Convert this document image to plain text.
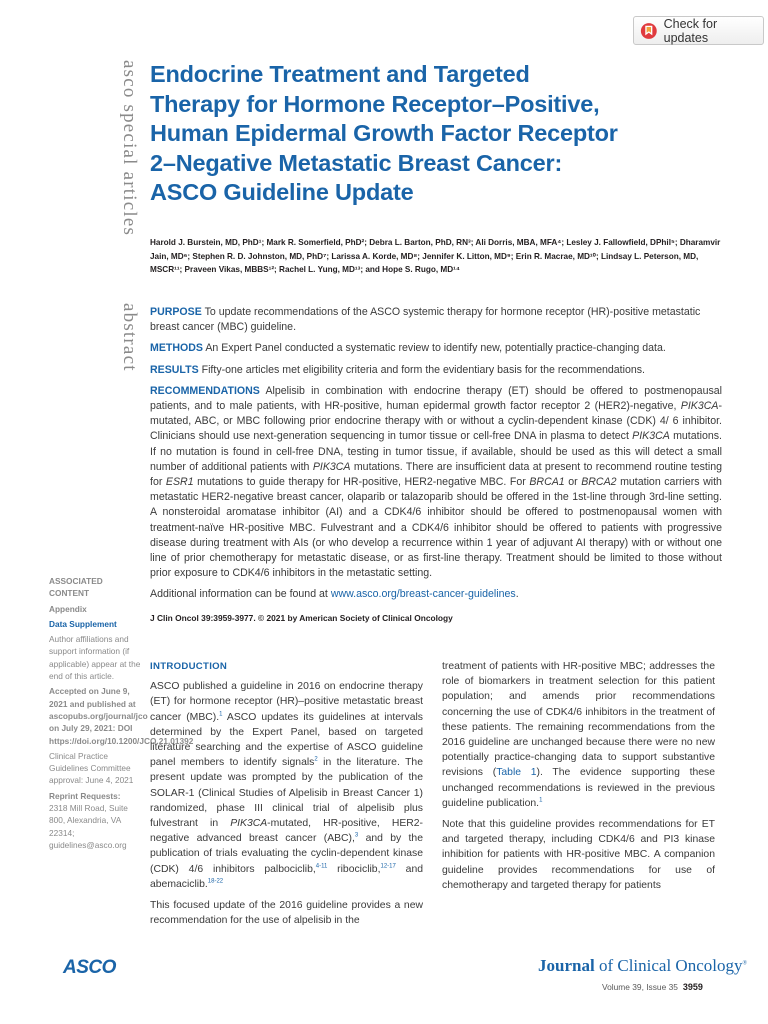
Check for updates
asco special articles
abstract
Endocrine Treatment and Targeted Therapy for Hormone Receptor–Positive, Human Epidermal Growth Factor Receptor 2–Negative Metastatic Breast Cancer: ASCO Guideline Update
Harold J. Burstein, MD, PhD¹; Mark R. Somerfield, PhD²; Debra L. Barton, PhD, RN³; Ali Dorris, MBA, MFA⁴; Lesley J. Fallowfield, DPhil⁵; Dharamvir Jain, MD⁶; Stephen R. D. Johnston, MD, PhD⁷; Larissa A. Korde, MD⁸; Jennifer K. Litton, MD⁹; Erin R. Macrae, MD¹⁰; Lindsay L. Peterson, MD, MSCR¹¹; Praveen Vikas, MBBS¹²; Rachel L. Yung, MD¹³; and Hope S. Rugo, MD¹⁴

PURPOSE To update recommendations of the ASCO systemic therapy for hormone receptor (HR)-positive metastatic breast cancer (MBC) guideline.

METHODS An Expert Panel conducted a systematic review to identify new, potentially practice-changing data.

RESULTS Fifty-one articles met eligibility criteria and form the evidentiary basis for the recommendations.

RECOMMENDATIONS Alpelisib in combination with endocrine therapy (ET) should be offered to postmenopausal patients, and to male patients, with HR-positive, human epidermal growth factor receptor 2 (HER2)-negative, PIK3CA-mutated, ABC, or MBC following prior endocrine therapy with or without a cyclin-dependent kinase (CDK) 4/ 6 inhibitor. Clinicians should use next-generation sequencing in tumor tissue or cell-free DNA in plasma to detect PIK3CA mutations. If no mutation is found in cell-free DNA, testing in tumor tissue, if available, should be used as this will detect a small number of additional patients with PIK3CA mutations. There are insufficient data at present to recommend routine testing for ESR1 mutations to guide therapy for HR-positive, HER2-negative MBC. For BRCA1 or BRCA2 mutation carriers with metastatic HER2-negative breast cancer, olaparib or talazoparib should be offered in the 1st-line through 3rd-line setting. A nonsteroidal aromatase inhibitor (AI) and a CDK4/6 inhibitor should be offered to postmenopausal women with treatment-naïve HR-positive MBC. Fulvestrant and a CDK4/6 inhibitor should be offered to patients with progressive disease during treatment with AIs (or who develop a recurrence within 1 year of adjuvant AI therapy) with or without one line of prior chemotherapy for metastatic disease, or as first-line therapy. Treatment should be limited to those without prior exposure to CDK4/6 inhibitors in the metastatic setting.

Additional information can be found at www.asco.org/breast-cancer-guidelines.

J Clin Oncol 39:3959-3977. © 2021 by American Society of Clinical Oncology
ASSOCIATED CONTENT
Appendix
Data Supplement
Author affiliations and support information (if applicable) appear at the end of this article.
Accepted on June 9, 2021 and published at ascopubs.org/journal/jco on July 29, 2021: DOI https://doi.org/10.1200/JCO.21.01392
Clinical Practice Guidelines Committee approval: June 4, 2021
Reprint Requests: 2318 Mill Road, Suite 800, Alexandria, VA 22314; guidelines@asco.org
INTRODUCTION

ASCO published a guideline in 2016 on endocrine therapy (ET) for hormone receptor (HR)–positive metastatic breast cancer (MBC).$^1$ ASCO updates its guidelines at intervals determined by the Expert Panel, based on targeted literature searching and the expertise of ASCO guideline panel members to identify signals$^2$ in the literature. The present update was prompted by the publication of the SOLAR-1 (Clinical Studies of Alpelisib in Breast Cancer 1) randomized, phase III clinical trial of alpelisib plus fulvestrant in PIK3CA-mutated, HR-positive, HER2-negative advanced breast cancer (ABC),$^3$ and by the publication of trials evaluating the cyclin-dependent kinase (CDK) 4/6 inhibitors palbociclib,$^{4-11}$ ribociclib,$^{12-17}$ and abemaciclib.$^{18-22}$

This focused update of the 2016 guideline provides a new recommendation for the use of alpelisib in the

treatment of patients with HR-positive MBC; addresses the role of biomarkers in treatment selection for this patient population; and amends prior recommendations concerning the use of CDK4/6 inhibitors in the treatment of these patients. The remaining recommendations from the 2016 guideline are unchanged because there were no new potentially practice-changing data to support substantive revisions (Table 1). The evidence supporting these unchanged recommendations is reviewed in the previous guideline publication.$^1$

Note that this guideline provides recommendations for ET and targeted therapy, including CDK4/6 and PI3 kinase inhibition for patients with HR-positive MBC. A companion guideline provides recommendations for use of chemotherapy and targeted therapy for patients

ASCO	Journal of Clinical Oncology®
Volume 39, Issue 35 3959
